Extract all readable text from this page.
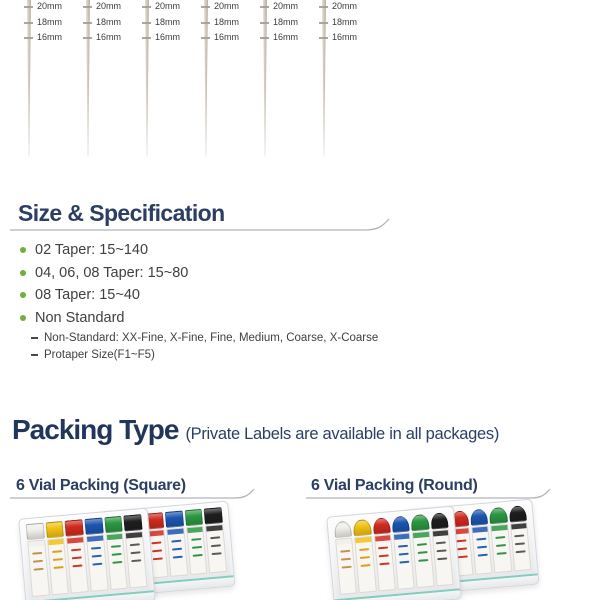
20mm
18mm
16mm
20mm
18mm
16mm
20mm
18mm
16mm
20mm
18mm
16mm
20mm
18mm
16mm
20mm
18mm
16mm
Size & Specification
02 Taper: 15~140
04, 06, 08 Taper: 15~80
08 Taper: 15~40
Non Standard
Non-Standard: XX-Fine, X-Fine, Fine, Medium, Coarse, X-Coarse
Protaper Size(F1~F5)
Packing Type (Private Labels are available in all packages)
6 Vial Packing (Square)	6 Vial Packing (Round)
